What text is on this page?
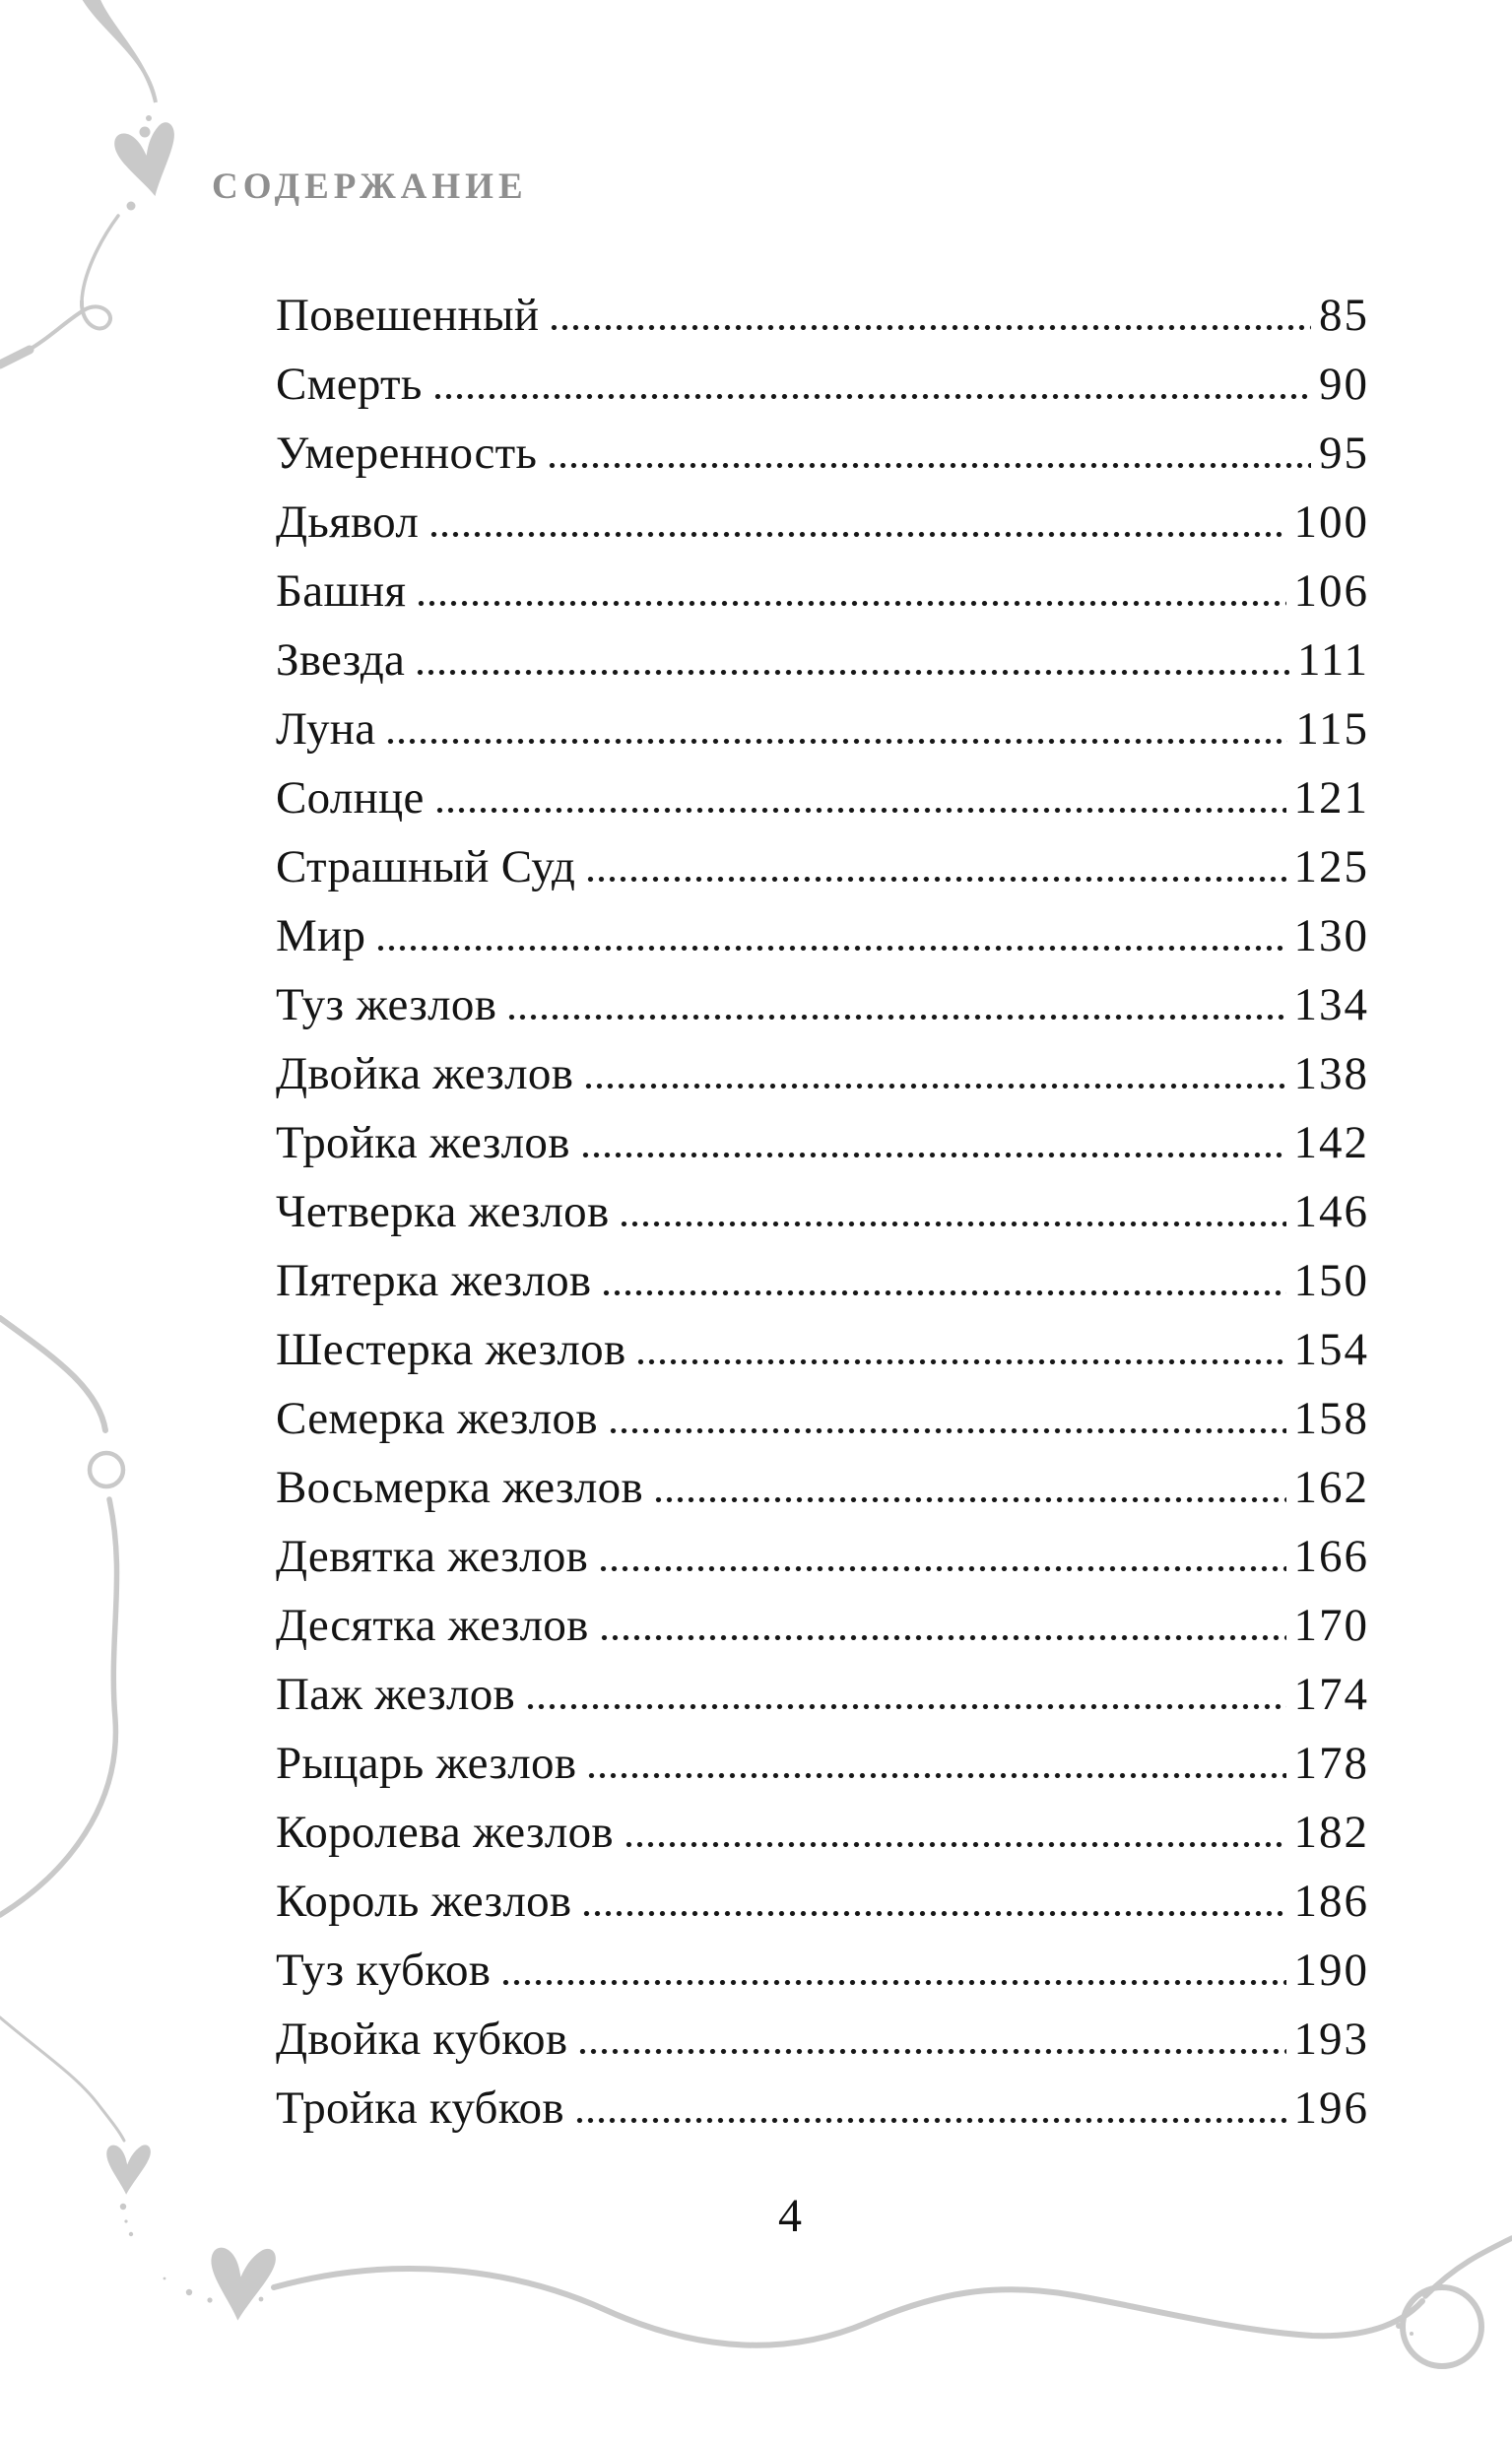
СОДЕРЖАНИЕ
Повешенный	85
Смерть	90
Умеренность	95
Дьявол	100
Башня	106
Звезда	111
Луна	115
Солнце	121
Страшный Суд	125
Мир	130
Туз жезлов	134
Двойка жезлов	138
Тройка жезлов	142
Четверка жезлов	146
Пятерка жезлов	150
Шестерка жезлов	154
Семерка жезлов	158
Восьмерка жезлов	162
Девятка жезлов	166
Десятка жезлов	170
Паж жезлов	174
Рыцарь жезлов	178
Королева жезлов	182
Король жезлов	186
Туз кубков	190
Двойка кубков	193
Тройка кубков	196
4
